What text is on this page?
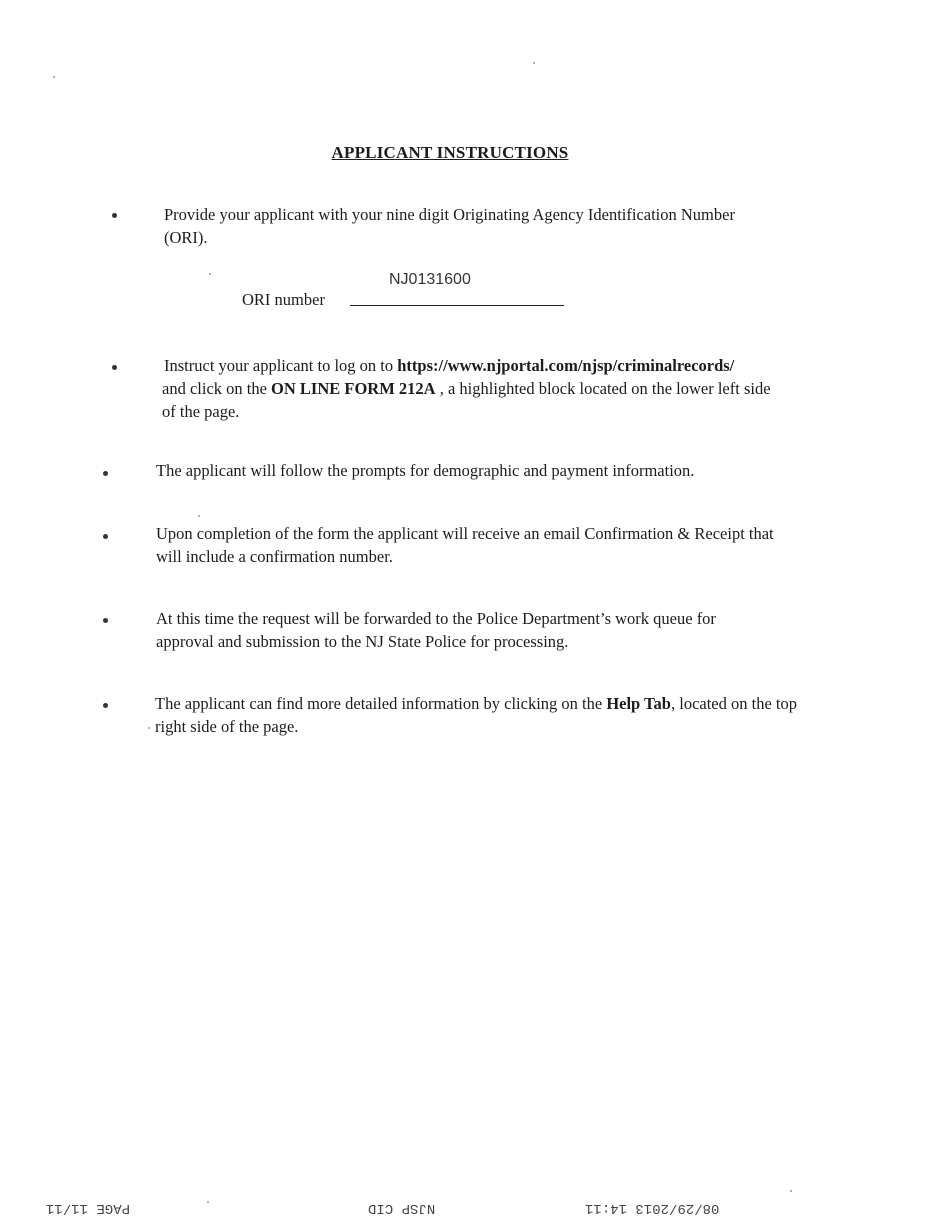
APPLICANT INSTRUCTIONS
Provide your applicant with your nine digit Originating Agency Identification Number (ORI).
NJ0131600
ORI number
Instruct your applicant to log on to https://www.njportal.com/njsp/criminalrecords/
and click on the ON LINE FORM 212A , a highlighted block located on the lower left side of the page.
The applicant will follow the prompts for demographic and payment information.
Upon completion of the form the applicant will receive an email Confirmation & Receipt that will include a confirmation number.
At this time the request will be forwarded to the Police Department’s work queue for approval and submission to the NJ State Police for processing.
The applicant can find more detailed information by clicking on the Help Tab, located on the top right side of the page.
PAGE 11/11	NJSP CID	08/29/2013 14:11
